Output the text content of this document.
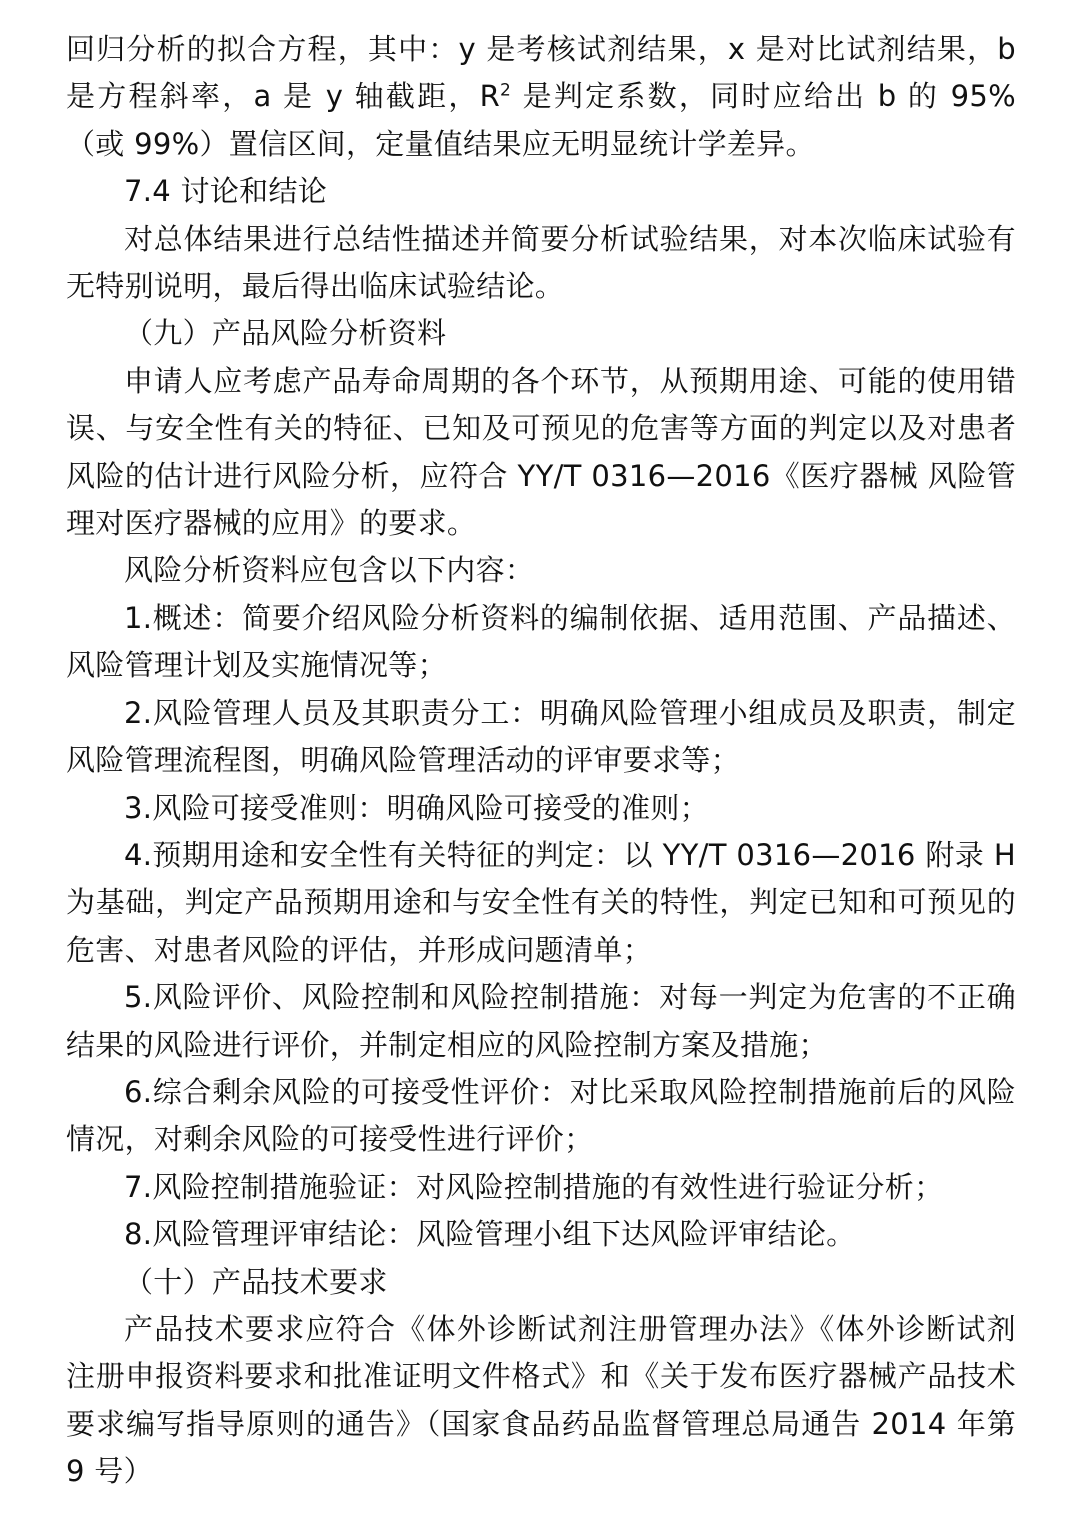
回归分析的拟合方程，其中：y 是考核试剂结果，x 是对比试剂结果，b 是方程斜率，a 是 y 轴截距，$R^2$ 是判定系数，同时应给出 b 的 95%（或 99%）置信区间，定量值结果应无明显统计学差异。

7.4 讨论和结论

对总体结果进行总结性描述并简要分析试验结果，对本次临床试验有无特别说明，最后得出临床试验结论。

（九）产品风险分析资料

申请人应考虑产品寿命周期的各个环节，从预期用途、可能的使用错误、与安全性有关的特征、已知及可预见的危害等方面的判定以及对患者风险的估计进行风险分析，应符合 YY/T 0316—2016《医疗器械 风险管理对医疗器械的应用》的要求。

风险分析资料应包含以下内容：

1.概述：简要介绍风险分析资料的编制依据、适用范围、产品描述、风险管理计划及实施情况等；

2.风险管理人员及其职责分工：明确风险管理小组成员及职责，制定风险管理流程图，明确风险管理活动的评审要求等；

3.风险可接受准则：明确风险可接受的准则；

4.预期用途和安全性有关特征的判定：以 YY/T 0316—2016 附录 H 为基础，判定产品预期用途和与安全性有关的特性，判定已知和可预见的危害、对患者风险的评估，并形成问题清单；

5.风险评价、风险控制和风险控制措施：对每一判定为危害的不正确结果的风险进行评价，并制定相应的风险控制方案及措施；

6.综合剩余风险的可接受性评价：对比采取风险控制措施前后的风险情况，对剩余风险的可接受性进行评价；

7.风险控制措施验证：对风险控制措施的有效性进行验证分析；

8.风险管理评审结论：风险管理小组下达风险评审结论。

（十）产品技术要求

产品技术要求应符合《体外诊断试剂注册管理办法》《体外诊断试剂注册申报资料要求和批准证明文件格式》和《关于发布医疗器械产品技术要求编写指导原则的通告》（国家食品药品监督管理总局通告 2014 年第 9 号）
